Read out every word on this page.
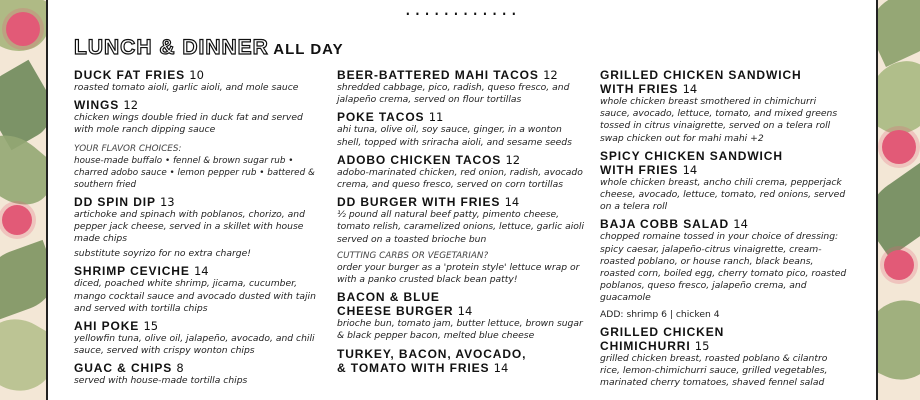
............
LUNCH & DINNER ALL DAY
DUCK FAT FRIES 10
roasted tomato aioli, garlic aioli, and mole sauce
WINGS 12
chicken wings double fried in duck fat and served with mole ranch dipping sauce
YOUR FLAVOR CHOICES:
house-made buffalo • fennel & brown sugar rub • charred adobo sauce • lemon pepper rub • battered & southern fried
DD SPIN DIP 13
artichoke and spinach with poblanos, chorizo, and pepper jack cheese, served in a skillet with house made chips
substitute soyrizo for no extra charge!
SHRIMP CEVICHE 14
diced, poached white shrimp, jicama, cucumber, mango cocktail sauce and avocado dusted with tajin and served with tortilla chips
AHI POKE 15
yellowfin tuna, olive oil, jalapeño, avocado, and chili sauce, served with crispy wonton chips
GUAC & CHIPS 8
served with house-made tortilla chips
BEER-BATTERED MAHI TACOS 12
shredded cabbage, pico, radish, queso fresco, and jalapeño crema, served on flour tortillas
POKE TACOS 11
ahi tuna, olive oil, soy sauce, ginger, in a wonton shell, topped with sriracha aioli, and sesame seeds
ADOBO CHICKEN TACOS 12
adobo-marinated chicken, red onion, radish, avocado crema, and queso fresco, served on corn tortillas
DD BURGER WITH FRIES 14
½ pound all natural beef patty, pimento cheese, tomato relish, caramelized onions, lettuce, garlic aioli served on a toasted brioche bun
CUTTING CARBS OR VEGETARIAN?
order your burger as a 'protein style' lettuce wrap or with a panko crusted black bean patty!
BACON & BLUE
CHEESE BURGER 14
brioche bun, tomato jam, butter lettuce, brown sugar & black pepper bacon, melted blue cheese
TURKEY, BACON, AVOCADO,
& TOMATO WITH FRIES 14
GRILLED CHICKEN SANDWICH
WITH FRIES 14
whole chicken breast smothered in chimichurri sauce, avocado, lettuce, tomato, and mixed greens tossed in citrus vinaigrette, served on a telera roll
swap chicken out for mahi mahi +2
SPICY CHICKEN SANDWICH
WITH FRIES 14
whole chicken breast, ancho chili crema, pepperjack cheese, avocado, lettuce, tomato, red onions, served on a telera roll
BAJA COBB SALAD 14
chopped romaine tossed in your choice of dressing: spicy caesar, jalapeño-citrus vinaigrette, cream-roasted poblano, or house ranch, black beans, roasted corn, boiled egg, cherry tomato pico, roasted poblanos, queso fresco, jalapeño crema, and guacamole
ADD: shrimp 6 | chicken 4
GRILLED CHICKEN
CHIMICHURRI 15
grilled chicken breast, roasted poblano & cilantro rice, lemon-chimichurri sauce, grilled vegetables, marinated cherry tomatoes, shaved fennel salad
